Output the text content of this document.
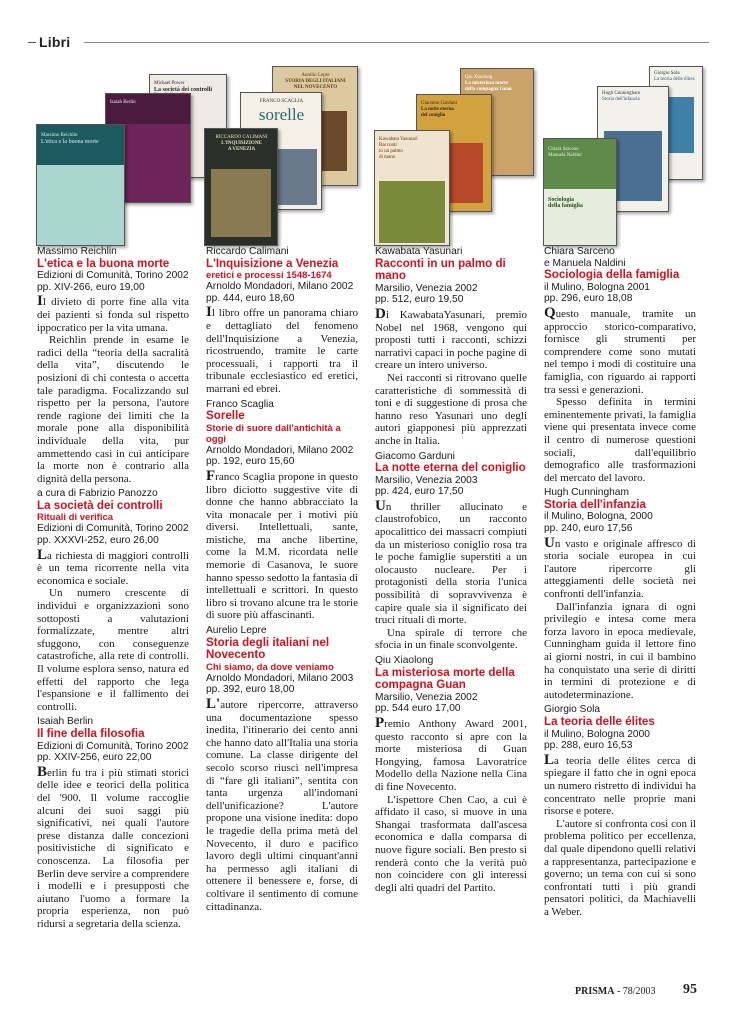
Libri
Michael Power
La società dei controlli
Isaiah Berlin
Massimo Reichlin
L'etica e la buona morte
Aurelio Lepre
STORIA DEGLI ITALIANI
NEL NOVECENTO
FRANCO SCAGLIA
sorelle
RICCARDO CALIMANI
L'INQUISIZIONE
A VENEZIA
Qiu Xiaolong
La misteriosa morte
della compagna Guan
Giacomo Garduni
La notte eterna
del coniglio
Kawabata Yasunari
Racconti
in un palmo
di mano
Giorgio Sola
La teoria delle élites
Hugh Cunningham
Storia dell'infanzia
Chiara Sarceno
Manuela Naldini
Sociologia
della famiglia
Massimo Reichlin
L'etica e la buona morte
Edizioni di Comunità, Torino 2002
pp. XIV-266, euro 19,00

Il divieto di porre fine alla vita dei pazienti si fonda sul rispetto ippocratico per la vita umana.

Reichlin prende in esame le radici della “teoria della sacralità della vita”, discutendo le posizioni di chi contesta o accetta tale paradigma. Focalizzando sul rispetto per la persona, l'autore rende ragione dei limiti che la morale pone alla disponibilità individuale della vita, pur ammettendo casi in cui anticipare la morte non è contrario alla dignità della persona.

a cura di Fabrizio Panozzo
La società dei controlli
Rituali di verifica
Edizioni di Comunità, Torino 2002
pp. XXXVI-252, euro 26,00

La richiesta di maggiori controlli è un tema ricorrente nella vita economica e sociale.

Un numero crescente di individui e organizzazioni sono sottoposti a valutazioni formalizzate, mentre altri sfuggono, con conseguenze catastrofiche, alla rete di controlli. Il volume esplora senso, natura ed effetti del rapporto che lega l'espansione e il fallimento dei controlli.

Isaiah Berlin
Il fine della filosofia
Edizioni di Comunità, Torino 2002
pp. XXIV-256, euro 22,00

Berlin fu tra i più stimati storici delle idee e teorici della politica del '900. Il volume raccoglie alcuni dei suoi saggi più significativi, nei quali l'autore prese distanza dalle concezioni positivistiche di significato e conoscenza. La filosofia per Berlin deve servire a comprendere i modelli e i presupposti che aiutano l'uomo a formare la propria esperienza, non può ridursi a segretaria della scienza.

Riccardo Calimani
L'Inquisizione a Venezia
eretici e processi 1548-1674
Arnoldo Mondadori, Milano 2002
pp. 444, euro 18,60

Il libro offre un panorama chiaro e dettagliato del fenomeno dell'Inquisizione a Venezia, ricostruendo, tramite le carte processuali, i rapporti tra il tribunale ecclesiastico ed eretici, marrani ed ebrei.

Franco Scaglia
Sorelle
Storie di suore dall'antichità a oggi
Arnoldo Mondadori, Milano 2002
pp. 192, euro 15,60

Franco Scaglia propone in questo libro diciotto suggestive vite di donne che hanno abbracciato la vita monacale per i motivi più diversi. Intellettuali, sante, mistiche, ma anche libertine, come la M.M. ricordata nelle memorie di Casanova, le suore hanno spesso sedotto la fantasia di intellettuali e scrittori. In questo libro si trovano alcune tra le storie di suore più affascinanti.

Aurelio Lepre
Storia degli italiani nel Novecento
Chi siamo, da dove veniamo
Arnoldo Mondadori, Milano 2003
pp. 392, euro 18,00

L'autore ripercorre, attraverso una documentazione spesso inedita, l'itinerario dei cento anni che hanno dato all'Italia una storia comune. La classe dirigente del secolo scorso riuscì nell'impresa di “fare gli italiani”, sentita con tanta urgenza all'indomani dell'unificazione? L'autore propone una visione inedita: dopo le tragedie della prima metà del Novecento, il duro e pacifico lavoro degli ultimi cinquant'anni ha permesso agli italiani di ottenere il benessere e, forse, di coltivare il sentimento di comune cittadinanza.

Kawabata Yasunari
Racconti in un palmo di mano
Marsilio, Venezia 2002
pp. 512, euro 19,50

Di KawabataYasunari, premio Nobel nel 1968, vengono qui proposti tutti i racconti, schizzi narrativi capaci in poche pagine di creare un intero universo.

Nei racconti si ritrovano quelle caratteristiche di sommessità di toni e di suggestione di prosa che hanno reso Yasunari uno degli autori giapponesi più apprezzati anche in Italia.

Giacomo Garduni
La notte eterna del coniglio
Marsilio, Venezia 2003
pp. 424, euro 17,50

Un thriller allucinato e claustrofobico, un racconto apocalittico dei massacri compiuti da un misterioso coniglio rosa tra le poche famiglie superstiti a un olocausto nucleare. Per i protagonisti della storia l'unica possibilità di sopravvivenza è capire quale sia il significato dei truci rituali di morte.

Una spirale di terrore che sfocia in un finale sconvolgente.

Qiu Xiaolong
La misteriosa morte della compagna Guan
Marsilio, Venezia 2002
pp. 544 euro 17,00

Premio Anthony Award 2001, questo racconto si apre con la morte misteriosa di Guan Hongying, famosa Lavoratrice Modello della Nazione nella Cina di fine Novecento.

L'ispettore Chen Cao, a cui è affidato il caso, si muove in una Shangai trasformata dall'ascesa economica e dalla comparsa di nuove figure sociali. Ben presto si renderà conto che la verità può non coincidere con gli interessi degli alti quadri del Partito.

Chiara Sarceno
e Manuela Naldini
Sociologia della famiglia
il Mulino, Bologna 2001
pp. 296, euro 18,08

Questo manuale, tramite un approccio storico-comparativo, fornisce gli strumenti per comprendere come sono mutati nel tempo i modi di costituire una famiglia, con riguardo ai rapporti tra sessi e generazioni.

Spesso definita in termini eminentemente privati, la famiglia viene qui presentata invece come il centro di numerose questioni sociali, dall'equilibrio demografico alle trasformazioni del mercato del lavoro.

Hugh Cunningham
Storia dell'infanzia
il Mulino, Bologna, 2000
pp. 240, euro 17,56

Un vasto e originale affresco di storia sociale europea in cui l'autore ripercorre gli atteggiamenti delle società nei confronti dell'infanzia.

Dall'infanzia ignara di ogni privilegio e intesa come mera forza lavoro in epoca medievale, Cunningham guida il lettore fino ai giorni nostri, in cui il bambino ha conquistato una serie di diritti in termini di protezione e di autodeterminazione.

Giorgio Sola
La teoria delle élites
il Mulino, Bologna 2000
pp. 288, euro 16,53

La teoria delle élites cerca di spiegare il fatto che in ogni epoca un numero ristretto di individui ha concentrato nelle proprie mani risorse e potere.

L'autore si confronta così con il problema politico per eccellenza, dal quale dipendono quelli relativi a rappresentanza, partecipazione e governo; un tema con cui si sono confrontati tutti i più grandi pensatori politici, da Machiavelli a Weber.

PRISMA - 78/2003 95
